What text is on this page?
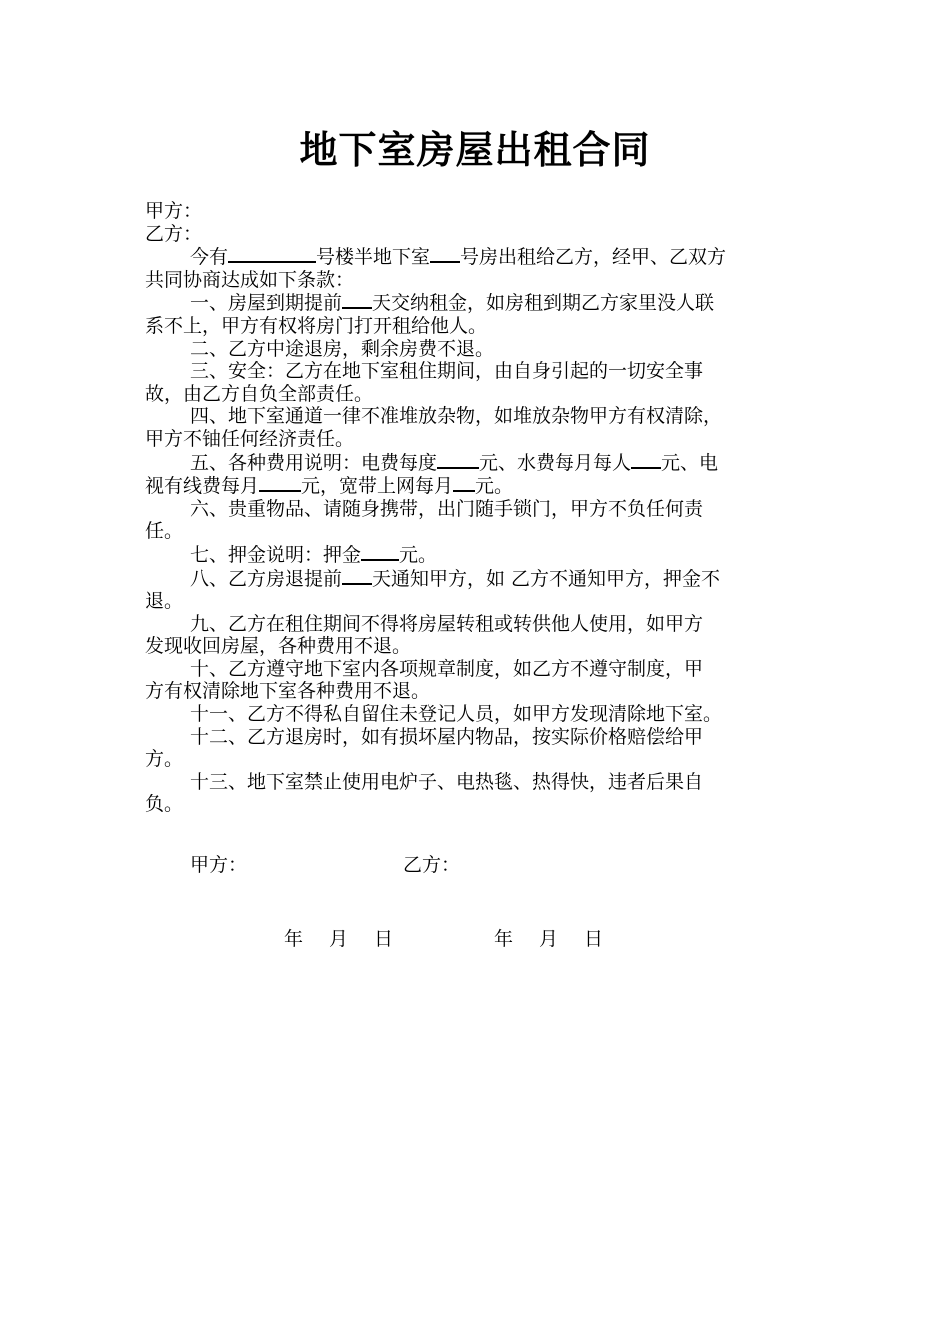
地下室房屋出租合同

甲方：

乙方：

今有	号楼半地下室 号房出租给乙方，经甲、乙双方

共同协商达成如下条款：

一、房屋到期提前 天交纳租金，如房租到期乙方家里没人联

系不上，甲方有权将房门打开租给他人。

二、乙方中途退房，剩余房费不退。

三、安全：乙方在地下室租住期间，由自身引起的一切安全事

故，由乙方自负全部责任。

四、地下室通道一律不准堆放杂物，如堆放杂物甲方有权清除，

甲方不铀任何经济责任。

五、各种费用说明：电费每度 元、水费每月每人 元、电

视有线费每月 元，宽带上网每月 元。

六、贵重物品、请随身携带，出门随手锁门，甲方不负任何责

任。

七、押金说明：押金 元。

八、乙方房退提前 天通知甲方，如 乙方不通知甲方，押金不

退。

九、乙方在租住期间不得将房屋转租或转供他人使用，如甲方

发现收回房屋，各种费用不退。

十、乙方遵守地下室内各项规章制度，如乙方不遵守制度，甲

方有权清除地下室各种费用不退。

十一、乙方不得私自留住未登记人员，如甲方发现清除地下室。

十二、乙方退房时，如有损坏屋内物品，按实际价格赔偿给甲

方。

十三、地下室禁止使用电炉子、电热毯、热得快，违者后果自

负。

甲方：	乙方：
年 月 日	年 月 日
